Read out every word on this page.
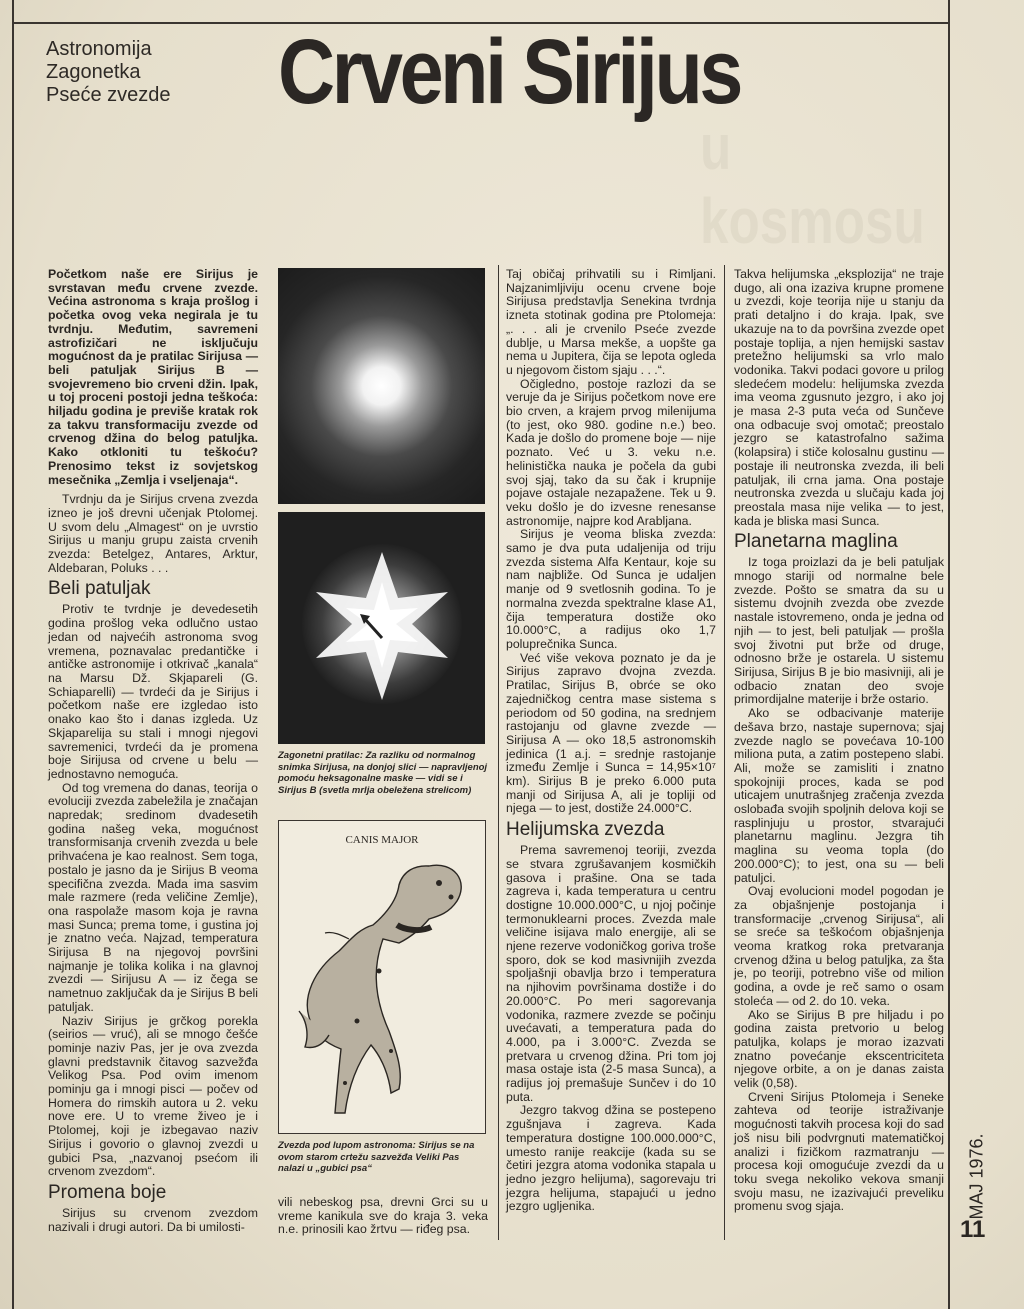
u kosmosu
Astronomija
Zagonetka
Pseće zvezde Crveni Sirijus

Početkom naše ere Sirijus je svrstavan među crvene zvezde. Većina astronoma s kraja prošlog i početka ovog veka negirala je tu tvrdnju. Međutim, savremeni astrofizičari ne isključuju mogućnost da je pratilac Sirijusa — beli patuljak Sirijus B — svojevremeno bio crveni džin. Ipak, u toj proceni postoji jedna teškoća: hiljadu godina je previše kratak rok za takvu transformaciju zvezde od crvenog džina do belog patuljka. Kako otkloniti tu teškoću? Prenosimo tekst iz sovjetskog mesečnika „Zemlja i vseljenaja“.

Tvrdnju da je Sirijus crvena zvezda izneo je još drevni učenjak Ptolomej. U svom delu „Almagest“ on je uvrstio Sirijus u manju grupu zaista crvenih zvezda: Betelgez, Antares, Arktur, Aldebaran, Poluks . . .

Beli patuljak

Protiv te tvrdnje je devedesetih godina prošlog veka odlučno ustao jedan od najvećih astronoma svog vremena, poznavalac predantičke i antičke astronomije i otkrivač „kanala“ na Marsu Dž. Skjapareli (G. Schiaparelli) — tvrdeći da je Sirijus i početkom naše ere izgledao isto onako kao što i danas izgleda. Uz Skjaparelija su stali i mnogi njegovi savremenici, tvrdeći da je promena boje Sirijusa od crvene u belu — jednostavno nemoguća.

Od tog vremena do danas, teorija o evoluciji zvezda zabeležila je značajan napredak; sredinom dvadesetih godina našeg veka, mogućnost transformisanja crvenih zvezda u bele prihvaćena je kao realnost. Sem toga, postalo je jasno da je Sirijus B veoma specifična zvezda. Mada ima sasvim male razmere (reda veličine Zemlje), ona raspolaže masom koja je ravna masi Sunca; prema tome, i gustina joj je znatno veća. Najzad, temperatura Sirijusa B na njegovoj površini najmanje je tolika kolika i na glavnoj zvezdi — Sirijusu A — iz čega se nametnuo zaključak da je Sirijus B beli patuljak.

Naziv Sirijus je grčkog porekla (seirios — vruć), ali se mnogo češće pominje naziv Pas, jer je ova zvezda glavni predstavnik čitavog sazvežđa Velikog Psa. Pod ovim imenom pominju ga i mnogi pisci — počev od Homera do rimskih autora u 2. veku nove ere. U to vreme živeo je i Ptolomej, koji je izbegavao naziv Sirijus i govorio o glavnoj zvezdi u gubici Psa, „nazvanoj psećom ili crvenom zvezdom“.

Promena boje

Sirijus su crvenom zvezdom nazivali i drugi autori. Da bi umilosti-

Zagonetni pratilac: Za razliku od normalnog snimka Sirijusa, na donjoj slici — napravljenoj pomoću heksagonalne maske — vidi se i Sirijus B (svetla mrlja obeležena strelicom)
CANIS MAJOR
Zvezda pod lupom astronoma: Sirijus se na ovom starom crtežu sazvežđa Veliki Pas nalazi u „gubici psa“

vili nebeskog psa, drevni Grci su u vreme kanikula sve do kraja 3. veka n.e. prinosili kao žrtvu — riđeg psa.

Taj običaj prihvatili su i Rimljani. Najzanimljiviju ocenu crvene boje Sirijusa predstavlja Senekina tvrdnja izneta stotinak godina pre Ptolomeja: „. . . ali je crvenilo Pseće zvezde dublje, u Marsa mekše, a uopšte ga nema u Jupitera, čija se lepota ogleda u njegovom čistom sjaju . . .“.

Očigledno, postoje razlozi da se veruje da je Sirijus početkom nove ere bio crven, a krajem prvog milenijuma (to jest, oko 980. godine n.e.) beo. Kada je došlo do promene boje — nije poznato. Već u 3. veku n.e. helinistička nauka je počela da gubi svoj sjaj, tako da su čak i krupnije pojave ostajale nezapažene. Tek u 9. veku došlo je do izvesne renesanse astronomije, najpre kod Arabljana.

Sirijus je veoma bliska zvezda: samo je dva puta udaljenija od triju zvezda sistema Alfa Kentaur, koje su nam najbliže. Od Sunca je udaljen manje od 9 svetlosnih godina. To je normalna zvezda spektralne klase A1, čija temperatura dostiže oko 10.000°C, a radijus oko 1,7 poluprečnika Sunca.

Već više vekova poznato je da je Sirijus zapravo dvojna zvezda. Pratilac, Sirijus B, obrće se oko zajedničkog centra mase sistema s periodom od 50 godina, na srednjem rastojanju od glavne zvezde — Sirijusa A — oko 18,5 astronomskih jedinica (1 a.j. = srednje rastojanje između Zemlje i Sunca = 14,95×10⁷ km). Sirijus B je preko 6.000 puta manji od Sirijusa A, ali je topliji od njega — to jest, dostiže 24.000°C.

Helijumska zvezda

Prema savremenoj teoriji, zvezda se stvara zgrušavanjem kosmičkih gasova i prašine. Ona se tada zagreva i, kada temperatura u centru dostigne 10.000.000°C, u njoj počinje termonuklearni proces. Zvezda male veličine isijava malo energije, ali se njene rezerve vodoničkog goriva troše sporo, dok se kod masivnijih zvezda spoljašnji obavlja brzo i temperatura na njihovim površinama dostiže i do 20.000°C. Po meri sagorevanja vodonika, razmere zvezde se počinju uvećavati, a temperatura pada do 4.000, pa i 3.000°C. Zvezda se pretvara u crvenog džina. Pri tom joj masa ostaje ista (2-5 masa Sunca), a radijus joj premašuje Sunčev i do 10 puta.

Jezgro takvog džina se postepeno zgušnjava i zagreva. Kada temperatura dostigne 100.000.000°C, umesto ranije reakcije (kada su se četiri jezgra atoma vodonika stapala u jedno jezgro helijuma), sagorevaju tri jezgra helijuma, stapajući u jedno jezgro ugljenika.

Takva helijumska „eksplozija“ ne traje dugo, ali ona izaziva krupne promene u zvezdi, koje teorija nije u stanju da prati detaljno i do kraja. Ipak, sve ukazuje na to da površina zvezde opet postaje toplija, a njen hemijski sastav pretežno helijumski sa vrlo malo vodonika. Takvi podaci govore u prilog sledećem modelu: helijumska zvezda ima veoma zgusnuto jezgro, i ako joj je masa 2-3 puta veća od Sunčeve ona odbacuje svoj omotač; preostalo jezgro se katastrofalno sažima (kolapsira) i stiče kolosalnu gustinu — postaje ili neutronska zvezda, ili beli patuljak, ili crna jama. Ona postaje neutronska zvezda u slučaju kada joj preostala masa nije velika — to jest, kada je bliska masi Sunca.

Planetarna maglina

Iz toga proizlazi da je beli patuljak mnogo stariji od normalne bele zvezde. Pošto se smatra da su u sistemu dvojnih zvezda obe zvezde nastale istovremeno, onda je jedna od njih — to jest, beli patuljak — prošla svoj životni put brže od druge, odnosno brže je ostarela. U sistemu Sirijusa, Sirijus B je bio masivniji, ali je odbacio znatan deo svoje primordijalne materije i brže ostario.

Ako se odbacivanje materije dešava brzo, nastaje supernova; sjaj zvezde naglo se povećava 10-100 miliona puta, a zatim postepeno slabi. Ali, može se zamisliti i znatno spokojniji proces, kada se pod uticajem unutrašnjeg zračenja zvezda oslobađa svojih spoljnih delova koji se rasplinjuju u prostor, stvarajući planetarnu maglinu. Jezgra tih maglina su veoma topla (do 200.000°C); to jest, ona su — beli patuljci.

Ovaj evolucioni model pogodan je za objašnjenje postojanja i transformacije „crvenog Sirijusa“, ali se sreće sa teškoćom objašnjenja veoma kratkog roka pretvaranja crvenog džina u belog patuljka, za šta je, po teoriji, potrebno više od milion godina, a ovde je reč samo o osam stoleća — od 2. do 10. veka.

Ako se Sirijus B pre hiljadu i po godina zaista pretvorio u belog patuljka, kolaps je morao izazvati znatno povećanje ekscentriciteta njegove orbite, a on je danas zaista velik (0,58).

Crveni Sirijus Ptolomeja i Senekе zahteva od teorije istraživanje mogućnosti takvih procesa koji do sad još nisu bili podvrgnuti matematičkoj analizi i fizičkom razmatranju — procesa koji omogućuje zvezdi da u toku svega nekoliko vekova smanji svoju masu, ne izazivajući preveliku promenu svog sjaja.	MAJ 1976.
11
